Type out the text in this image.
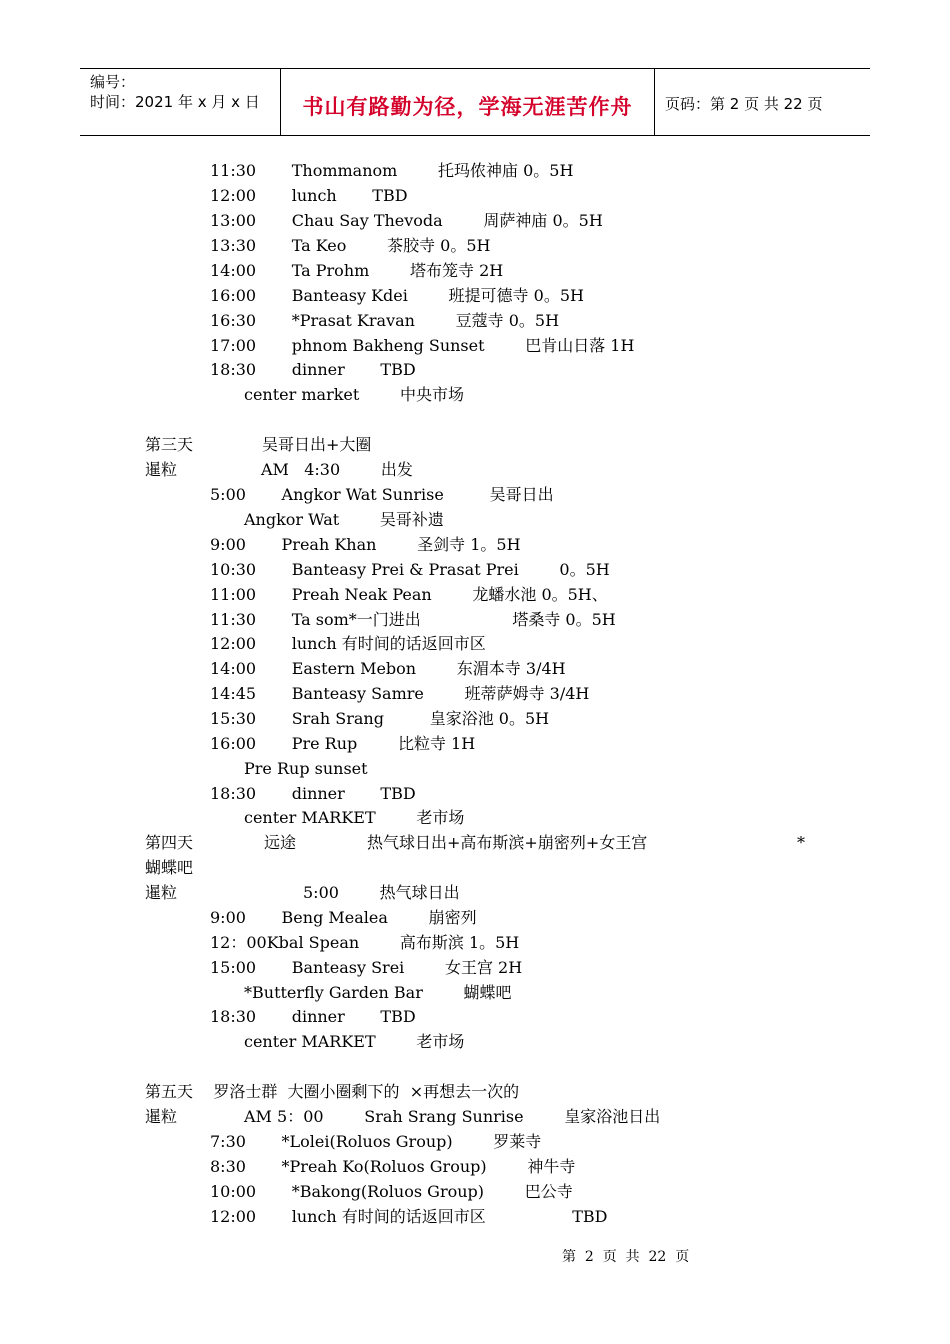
编号：
时间：2021 年 x 月 x 日	书山有路勤为径，学海无涯苦作舟	页码：第 2 页 共 22 页
11:30       Thommanom        托玛侬神庙 0。5H
12:00       lunch       TBD
13:00       Chau Say Thevoda        周萨神庙 0。5H
13:30       Ta Keo        茶胶寺 0。5H
14:00       Ta Prohm        塔布笼寺 2H
16:00       Banteasy Kdei        班提可德寺 0。5H
16:30       *Prasat Kravan        豆蔻寺 0。5H
17:00       phnom Bakheng Sunset        巴肯山日落 1H
18:30       dinner       TBD
center market        中央市场
第三天	吴哥日出+大圈
暹粒	AM   4:30        出发
5:00       Angkor Wat Sunrise         吴哥日出
Angkor Wat        吴哥补遗
9:00       Preah Khan        圣剑寺 1。5H
10:30       Banteasy Prei & Prasat Prei        0。5H
11:00       Preah Neak Pean        龙蟠水池 0。5H、
11:30       Ta som*一门进出                  塔桑寺 0。5H
12:00       lunch 有时间的话返回市区
14:00       Eastern Mebon        东湄本寺 3/4H
14:45       Banteasy Samre        班蒂萨姆寺 3/4H
15:30       Srah Srang         皇家浴池 0。5H
16:00       Pre Rup        比粒寺 1H
Pre Rup sunset
18:30       dinner       TBD
center MARKET        老市场
第四天	远途	热气球日出+高布斯滨+崩密列+女王宫	*
蝴蝶吧
暹粒	5:00        热气球日出
9:00       Beng Mealea        崩密列
12：00Kbal Spean        高布斯滨 1。5H
15:00       Banteasy Srei        女王宫 2H
*Butterfly Garden Bar        蝴蝶吧
18:30       dinner       TBD
center MARKET        老市场
第五天    罗洛士群  大圈小圈剩下的  ×再想去一次的
暹粒	AM 5：00        Srah Srang Sunrise        皇家浴池日出
7:30       *Lolei(Roluos Group)        罗莱寺
8:30       *Preah Ko(Roluos Group)        神牛寺
10:00       *Bakong(Roluos Group)        巴公寺
12:00       lunch 有时间的话返回市区                 TBD
第  2  页  共  22  页
